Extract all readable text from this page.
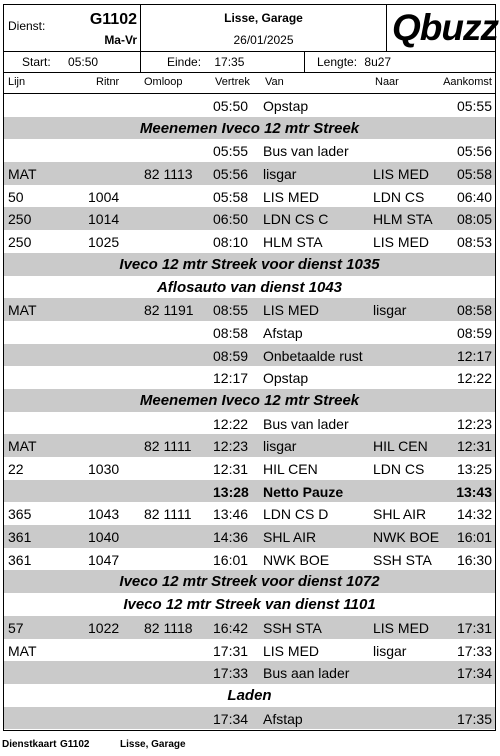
Dienst:	G1102
Ma-Vr
Lisse, Garage
26/01/2025	Qbuzz
Start: 05:50	Einde: 17:35	Lengte: 8u27
Lijn	Ritnr Omloop	Vertrek Van	Naar	Aankomst
05:50 Opstap	05:55
Meenemen Iveco 12 mtr Streek
05:55 Bus van lader	05:56
MAT	82 1113 05:56 lisgar	LIS MED 05:58
50	1004	05:58 LIS MED	LDN CS 06:40
250	1014	06:50 LDN CS C	HLM STA 08:05
250	1025	08:10 HLM STA	LIS MED 08:53
Iveco 12 mtr Streek voor dienst 1035
Aflosauto van dienst 1043
MAT	82 1191 08:55 LIS MED	lisgar	08:58
08:58 Afstap	08:59
08:59 Onbetaalde rust	12:17
12:17 Opstap	12:22
Meenemen Iveco 12 mtr Streek
12:22 Bus van lader	12:23
MAT	82 1111 12:23 lisgar	HIL CEN 12:31
22	1030	12:31 HIL CEN	LDN CS 13:25
13:28 Netto Pauze	13:43
365	1043 82 1111 13:46 LDN CS D	SHL AIR 14:32
361	1040	14:36 SHL AIR	NWK BOE 16:01
361	1047	16:01 NWK BOE	SSH STA 16:30
Iveco 12 mtr Streek voor dienst 1072
Iveco 12 mtr Streek van dienst 1101
57	1022 82 1118 16:42 SSH STA	LIS MED 17:31
MAT	17:31 LIS MED	lisgar	17:33
17:33 Bus aan lader	17:34
Laden
17:34 Afstap	17:35
Dienstkaart G1102	Lisse, Garage
